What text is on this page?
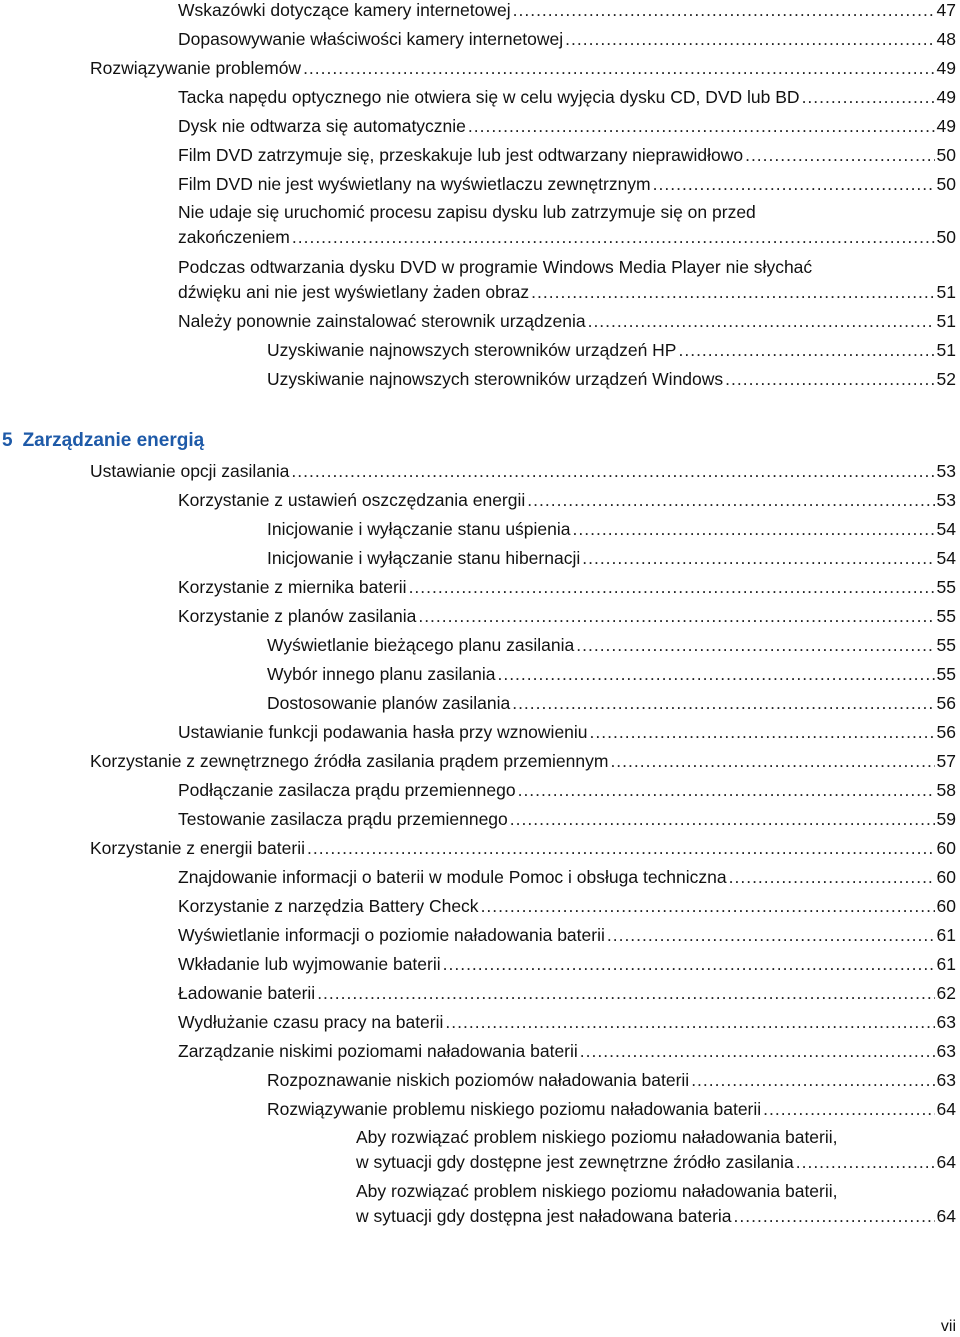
Wskazówki dotyczące kamery internetowej .....	47
Dopasowywanie właściwości kamery internetowej .....	48
Rozwiązywanie problemów .....	49
Tacka napędu optycznego nie otwiera się w celu wyjęcia dysku CD, DVD lub BD .....	49
Dysk nie odtwarza się automatycznie .....	49
Film DVD zatrzymuje się, przeskakuje lub jest odtwarzany nieprawidłowo .....	50
Film DVD nie jest wyświetlany na wyświetlaczu zewnętrznym .....	50
Nie udaje się uruchomić procesu zapisu dysku lub zatrzymuje się on przed
zakończeniem .....	50
Podczas odtwarzania dysku DVD w programie Windows Media Player nie słychać
dźwięku ani nie jest wyświetlany żaden obraz .....	51
Należy ponownie zainstalować sterownik urządzenia .....	51
Uzyskiwanie najnowszych sterowników urządzeń HP .....	51
Uzyskiwanie najnowszych sterowników urządzeń Windows .....	52
5 Zarządzanie energią
Ustawianie opcji zasilania .....	53
Korzystanie z ustawień oszczędzania energii .....	53
Inicjowanie i wyłączanie stanu uśpienia .....	54
Inicjowanie i wyłączanie stanu hibernacji .....	54
Korzystanie z miernika baterii .....	55
Korzystanie z planów zasilania .....	55
Wyświetlanie bieżącego planu zasilania .....	55
Wybór innego planu zasilania .....	55
Dostosowanie planów zasilania .....	56
Ustawianie funkcji podawania hasła przy wznowieniu .....	56
Korzystanie z zewnętrznego źródła zasilania prądem przemiennym .....	57
Podłączanie zasilacza prądu przemiennego .....	58
Testowanie zasilacza prądu przemiennego .....	59
Korzystanie z energii baterii .....	60
Znajdowanie informacji o baterii w module Pomoc i obsługa techniczna .....	60
Korzystanie z narzędzia Battery Check .....	60
Wyświetlanie informacji o poziomie naładowania baterii .....	61
Wkładanie lub wyjmowanie baterii .....	61
Ładowanie baterii .....	62
Wydłużanie czasu pracy na baterii .....	63
Zarządzanie niskimi poziomami naładowania baterii .....	63
Rozpoznawanie niskich poziomów naładowania baterii .....	63
Rozwiązywanie problemu niskiego poziomu naładowania baterii .....	64
Aby rozwiązać problem niskiego poziomu naładowania baterii,
w sytuacji gdy dostępne jest zewnętrzne źródło zasilania .....	64
Aby rozwiązać problem niskiego poziomu naładowania baterii,
w sytuacji gdy dostępna jest naładowana bateria .....	64
vii
